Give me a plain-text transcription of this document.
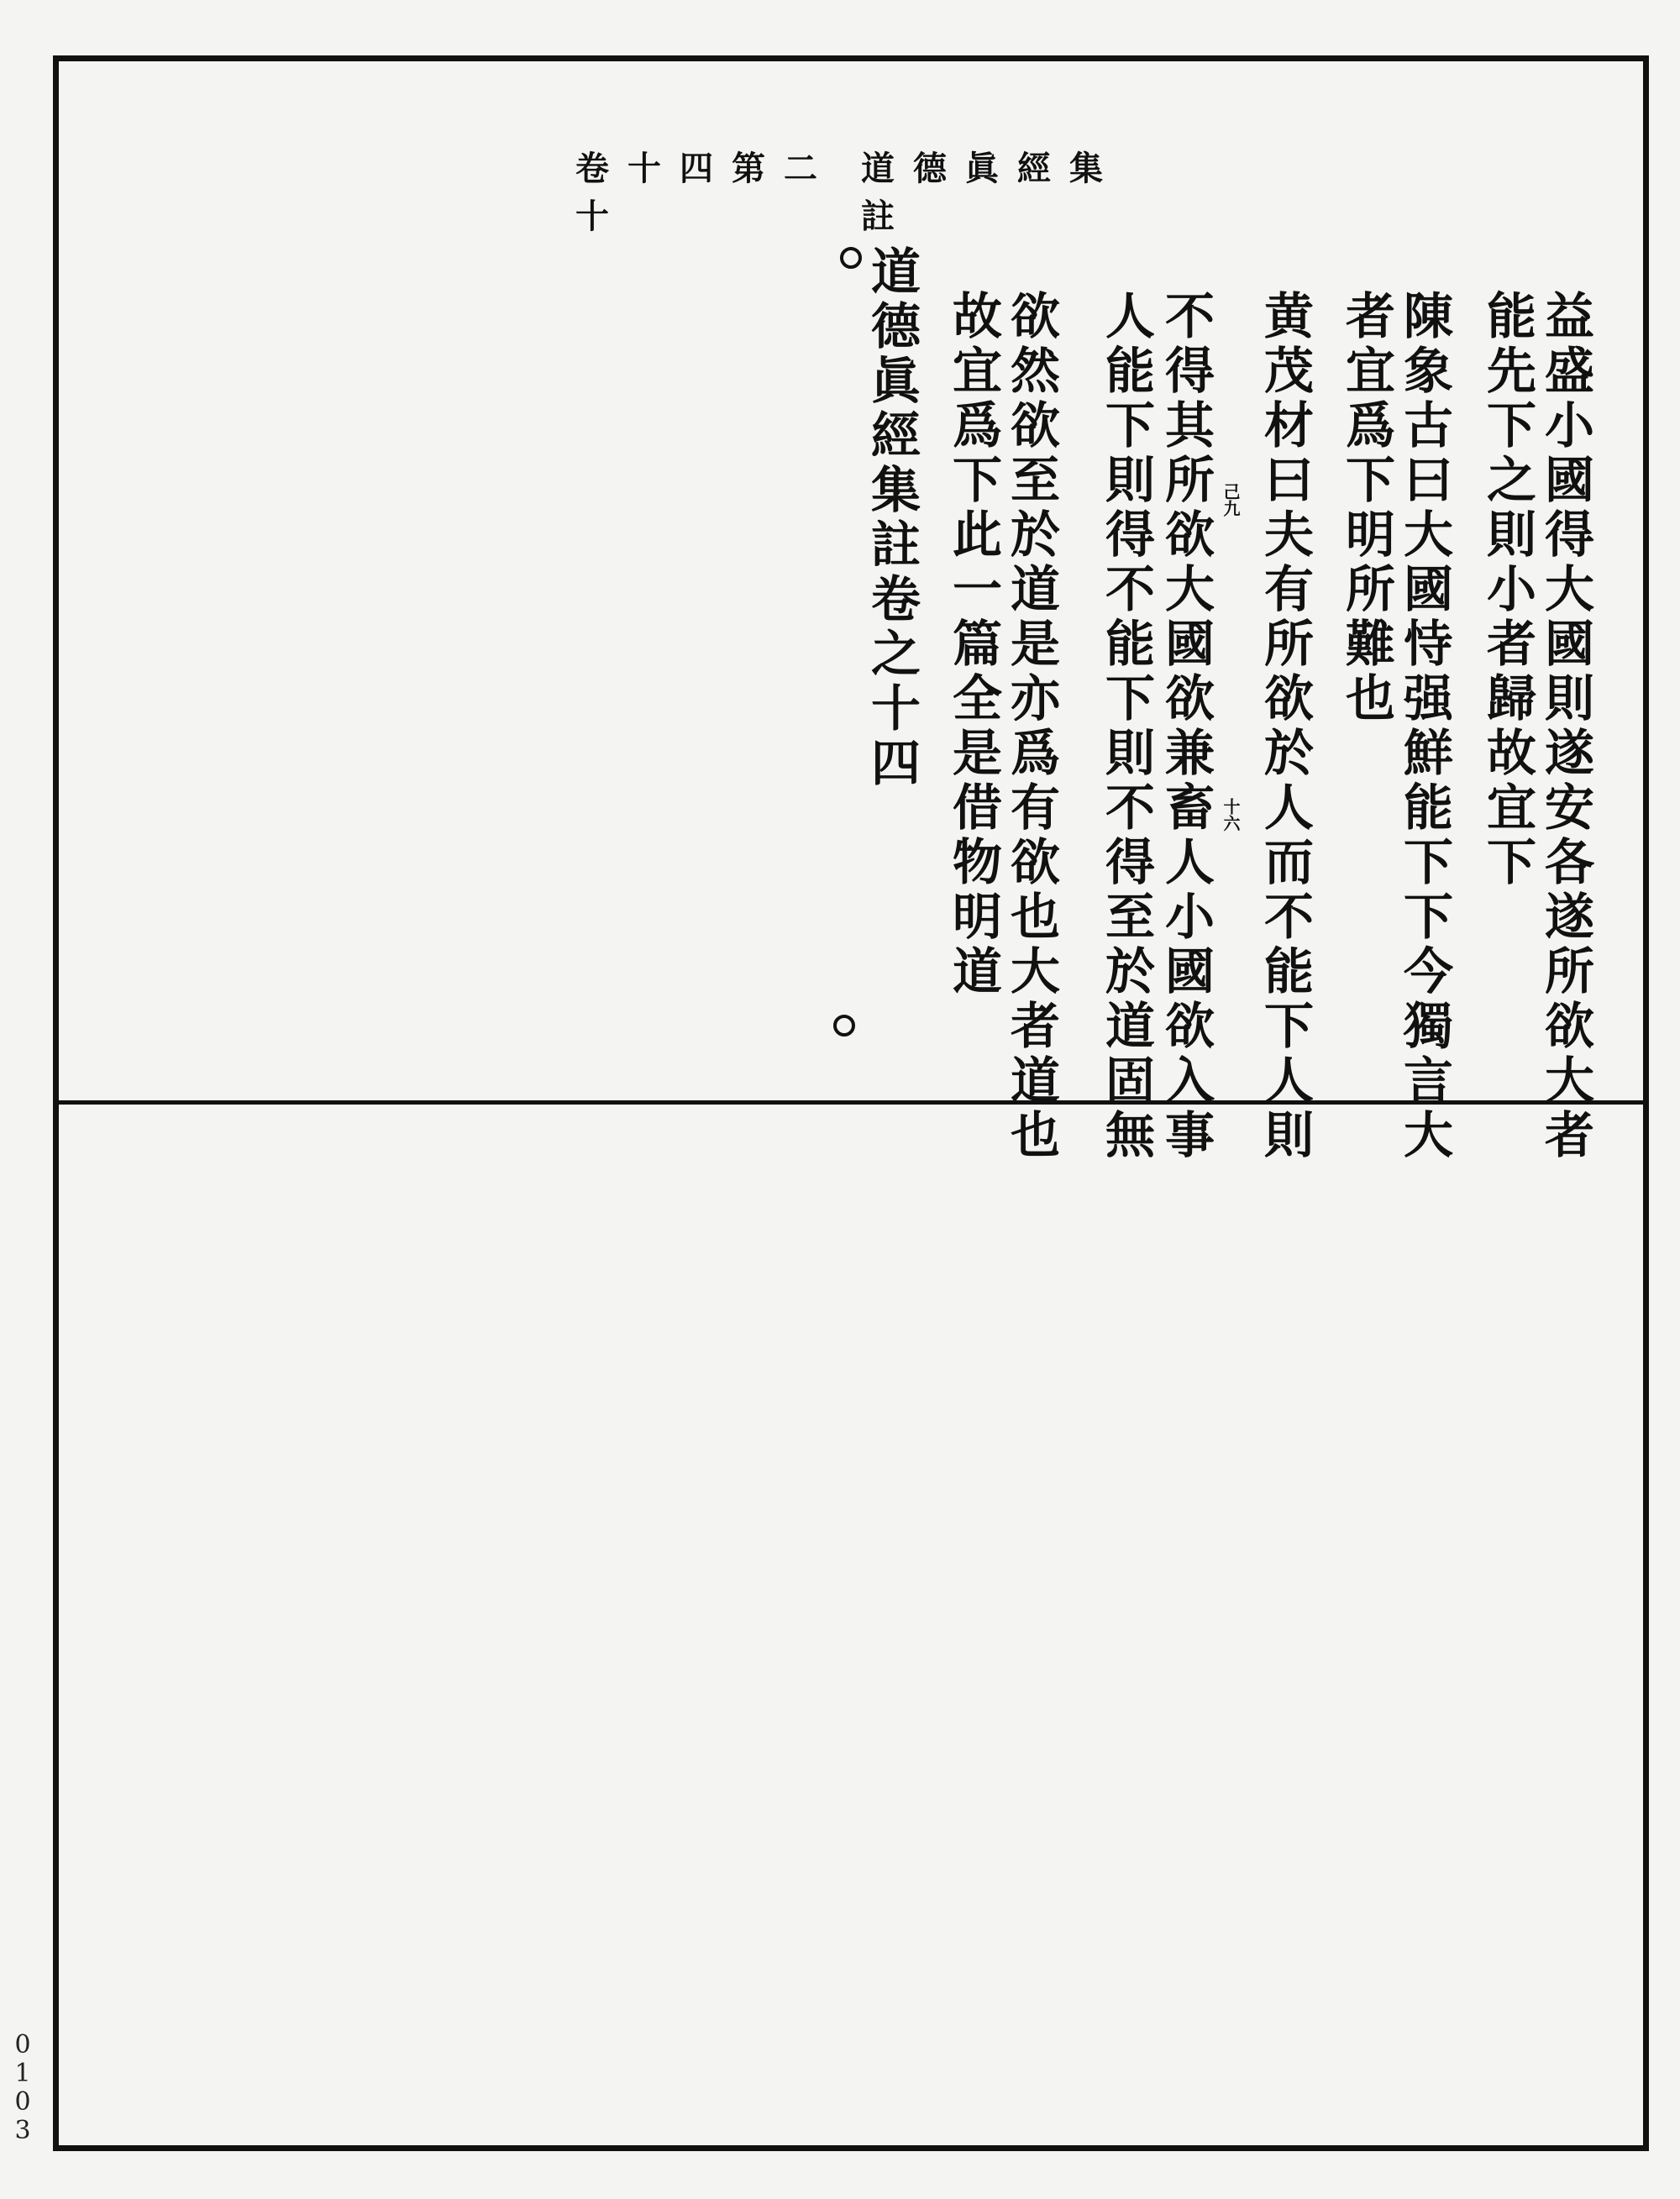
卷十四第二十
道德眞經集註
益盛小國得大國則遂安各遂所欲大者
能先下之則小者歸故宜下
陳象古曰大國恃强鮮能下下今獨言大
者宜爲下明所難也
黄茂材曰夫有所欲於人而不能下人則
不得其所欲大國欲兼畜人小國欲入事
人能下則得不能下則不得至於道固無
欲然欲至於道是亦爲有欲也大者道也
故宜爲下此一篇全是借物明道
道德眞經集註卷之十四	己九
十六
0
1
0
3
